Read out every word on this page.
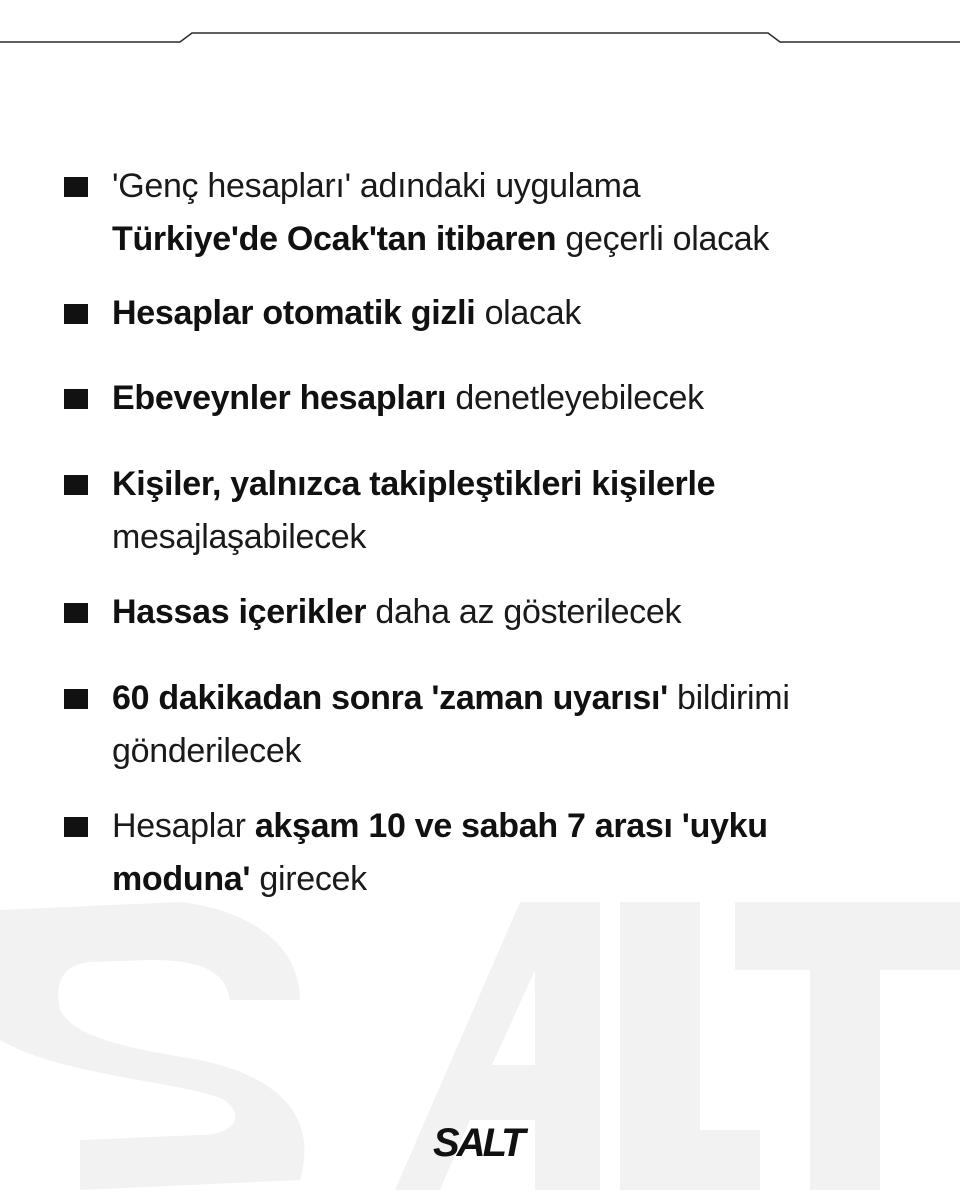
'Genç hesapları' adındaki uygulama
Türkiye'de Ocak'tan itibaren geçerli olacak
Hesaplar otomatik gizli olacak
Ebeveynler hesapları denetleyebilecek
Kişiler, yalnızca takipleştikleri kişilerle
mesajlaşabilecek
Hassas içerikler daha az gösterilecek
60 dakikadan sonra 'zaman uyarısı' bildirimi
gönderilecek
Hesaplar akşam 10 ve sabah 7 arası 'uyku
moduna' girecek
SALT
